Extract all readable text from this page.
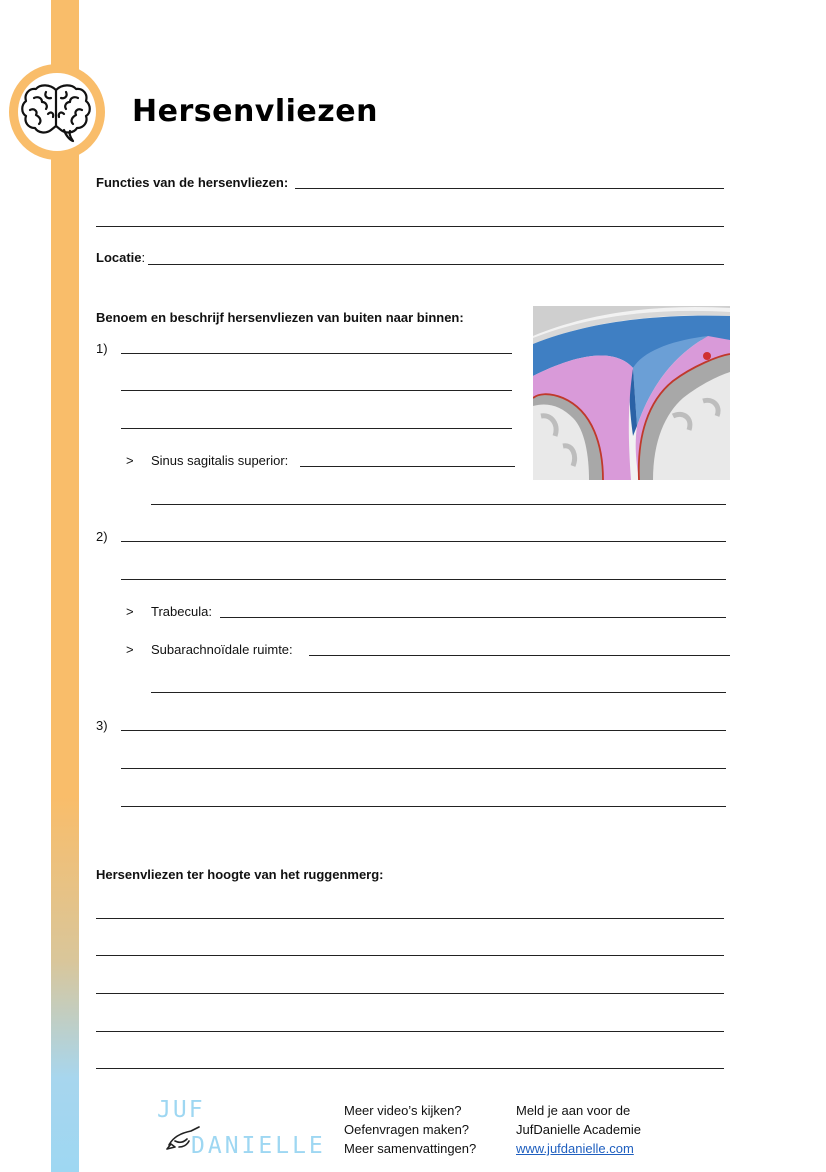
Hersenvliezen
Functies van de hersenvliezen:
Locatie:
Benoem en beschrijf hersenvliezen van buiten naar binnen:
1)
> Sinus sagitalis superior:
2)
> Trabecula:
> Subarachnoïdale ruimte:
3)
Hersenvliezen ter hoogte van het ruggenmerg:
JUF
DANIELLE
Meer video’s kijken?
Oefenvragen maken?
Meer samenvattingen?
Meld je aan voor de
JufDanielle Academie
www.jufdanielle.com
